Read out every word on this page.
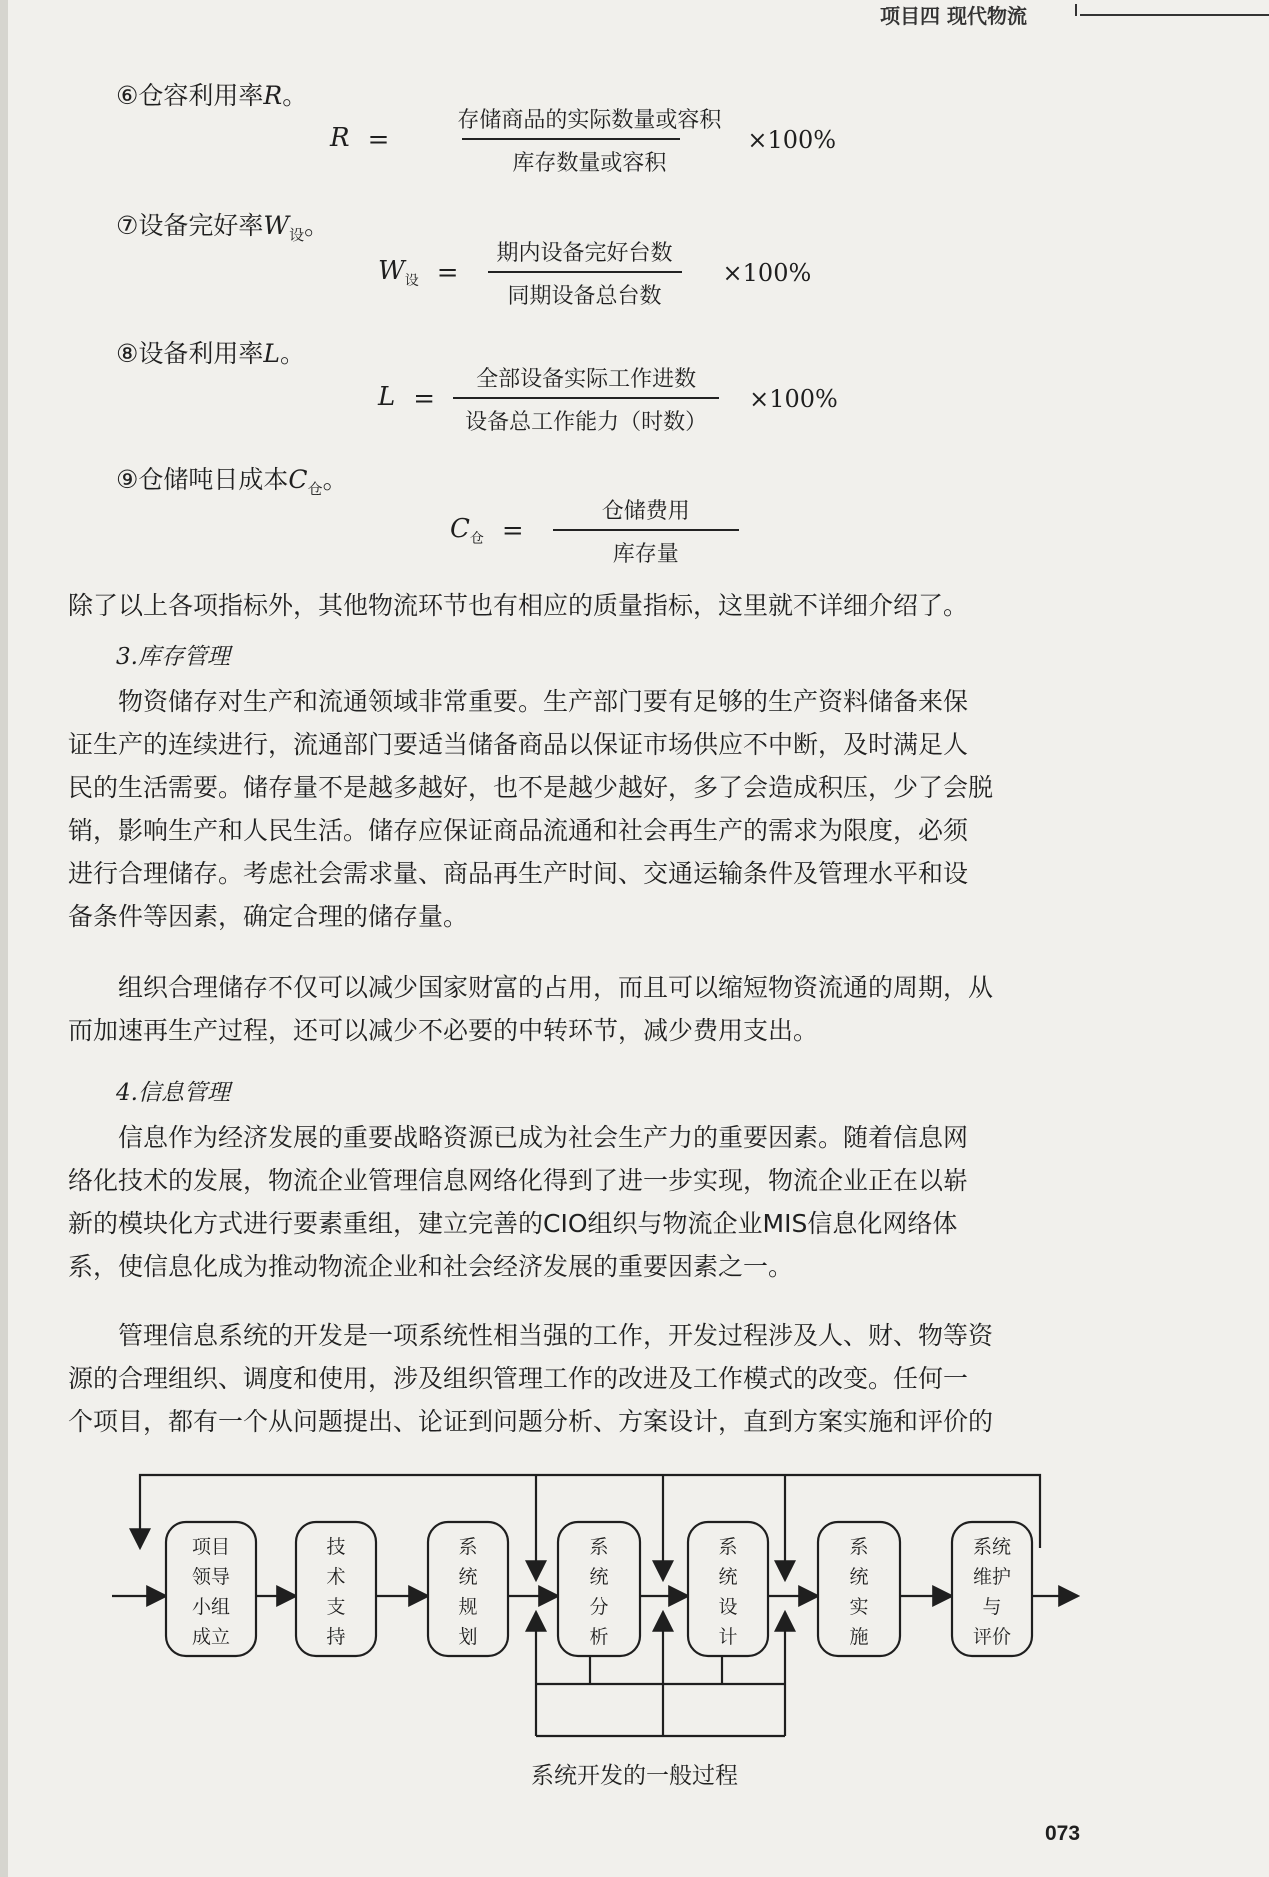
项目四 现代物流
⑥仓容利用率R。
$R = \frac{\text{存储商品的实际数量或容积}}{\text{库存数量或容积}} \times 100\%$
⑦设备完好率$W_设$。
$W_设 = \frac{\text{期内设备完好台数}}{\text{同期设备总台数}} \times 100\%$
⑧设备利用率L。
$L = \frac{\text{全部设备实际工作进数}}{\text{设备总工作能力（时数）}} \times 100\%$
⑨仓储吨日成本$C_仓$。
$C_仓 = \frac{\text{仓储费用}}{\text{库存量}}$

除了以上各项指标外，其他物流环节也有相应的质量指标，这里就不详细介绍了。

3.库存管理

物资储存对生产和流通领域非常重要。生产部门要有足够的生产资料储备来保
证生产的连续进行，流通部门要适当储备商品以保证市场供应不中断，及时满足人
民的生活需要。储存量不是越多越好，也不是越少越好，多了会造成积压，少了会脱
销，影响生产和人民生活。储存应保证商品流通和社会再生产的需求为限度，必须
进行合理储存。考虑社会需求量、商品再生产时间、交通运输条件及管理水平和设
备条件等因素，确定合理的储存量。

组织合理储存不仅可以减少国家财富的占用，而且可以缩短物资流通的周期，从
而加速再生产过程，还可以减少不必要的中转环节，减少费用支出。

4.信息管理

信息作为经济发展的重要战略资源已成为社会生产力的重要因素。随着信息网
络化技术的发展，物流企业管理信息网络化得到了进一步实现，物流企业正在以崭
新的模块化方式进行要素重组，建立完善的CIO组织与物流企业MIS信息化网络体
系，使信息化成为推动物流企业和社会经济发展的重要因素之一。

管理信息系统的开发是一项系统性相当强的工作，开发过程涉及人、财、物等资
源的合理组织、调度和使用，涉及组织管理工作的改进及工作模式的改变。任何一
个项目，都有一个从问题提出、论证到问题分析、方案设计，直到方案实施和评价的

项目
领导
小组
成立
技
术
支
持
系
统
规
划
系
统
分
析
系
统
设
计
系
统
实
施
系统
维护
与
评价
系统开发的一般过程
073
